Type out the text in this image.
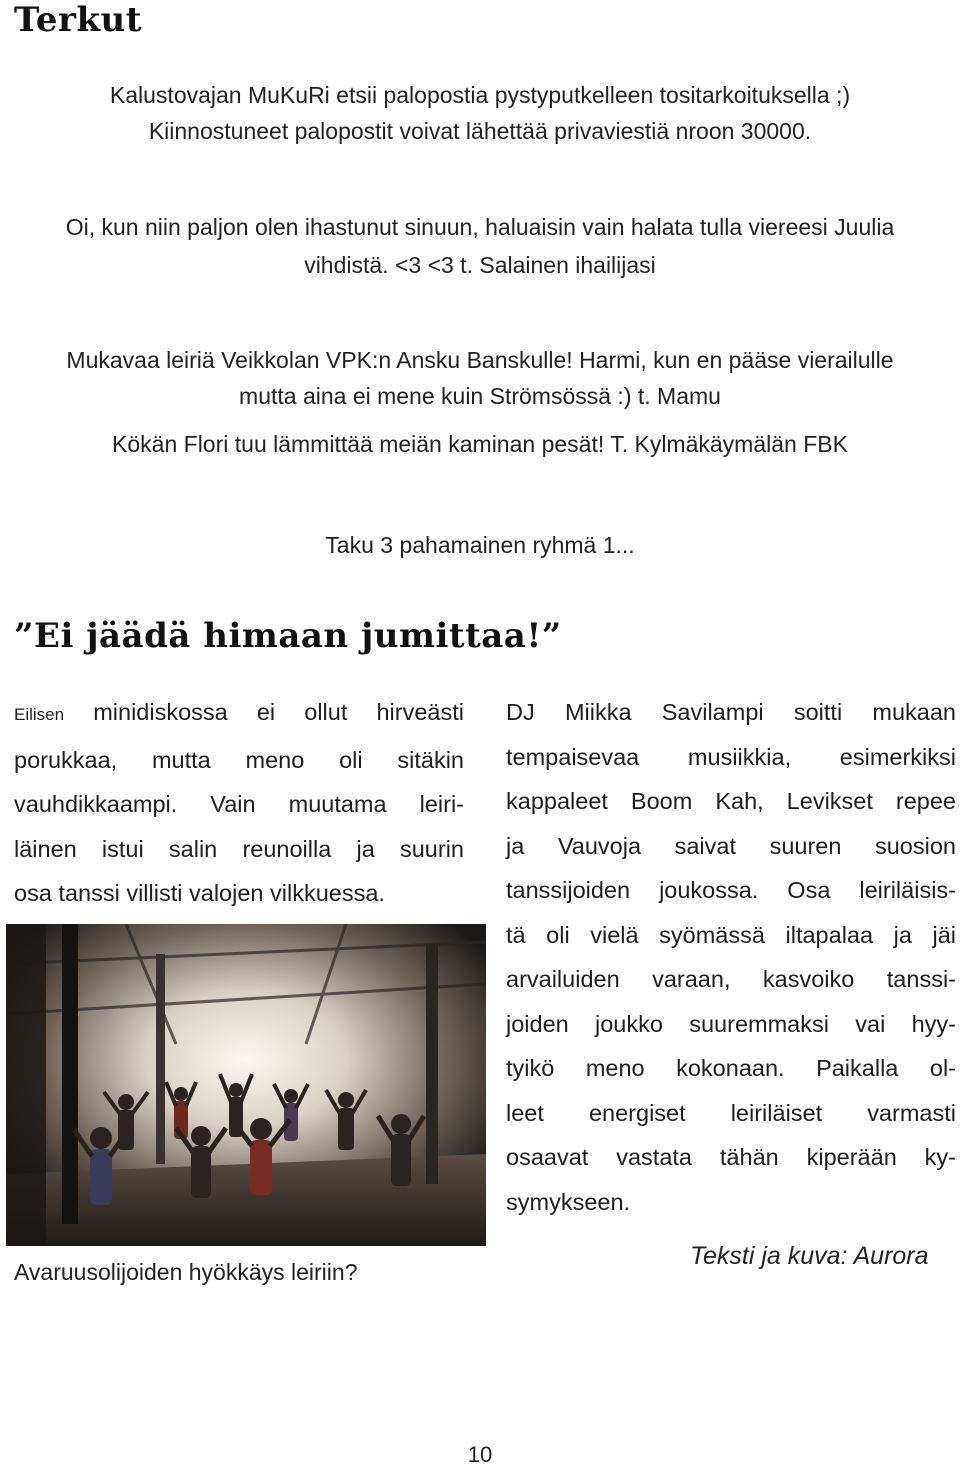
Terkut
Kalustovajan MuKuRi etsii palopostia pystyputkelleen tositarkoituksella ;)
Kiinnostuneet palopostit voivat lähettää privaviestiä nroon 30000.
Oi, kun niin paljon olen ihastunut sinuun, haluaisin vain halata tulla viereesi Juulia
vihdistä. <3 <3 t. Salainen ihailijasi
Mukavaa leiriä Veikkolan VPK:n Ansku Banskulle! Harmi, kun en pääse vierailulle
mutta aina ei mene kuin Strömsössä :) t. Mamu
Kökän Flori tuu lämmittää meiän kaminan pesät! T. Kylmäkäymälän FBK
Taku 3 pahamainen ryhmä 1...
”Ei jäädä himaan jumittaa!”
Eilisen minidiskossa ei ollut hirveästi
porukkaa, mutta meno oli sitäkin
vauhdikkaampi. Vain muutama leiri-
läinen istui salin reunoilla ja suurin
osa tanssi villisti valojen vilkkuessa.
DJ Miikka Savilampi soitti mukaan
tempaisevaa musiikkia, esimerkiksi
kappaleet Boom Kah, Levikset repee
ja Vauvoja saivat suuren suosion
tanssijoiden joukossa. Osa leiriläisis-
tä oli vielä syömässä iltapalaa ja jäi
arvailuiden varaan, kasvoiko tanssi-
joiden joukko suuremmaksi vai hyy-
tyikö meno kokonaan. Paikalla ol-
leet energiset leiriläiset varmasti
osaavat vastata tähän kiperään ky-
symykseen.
Avaruusolijoiden hyökkäys leiriin?
Teksti ja kuva: Aurora
10
